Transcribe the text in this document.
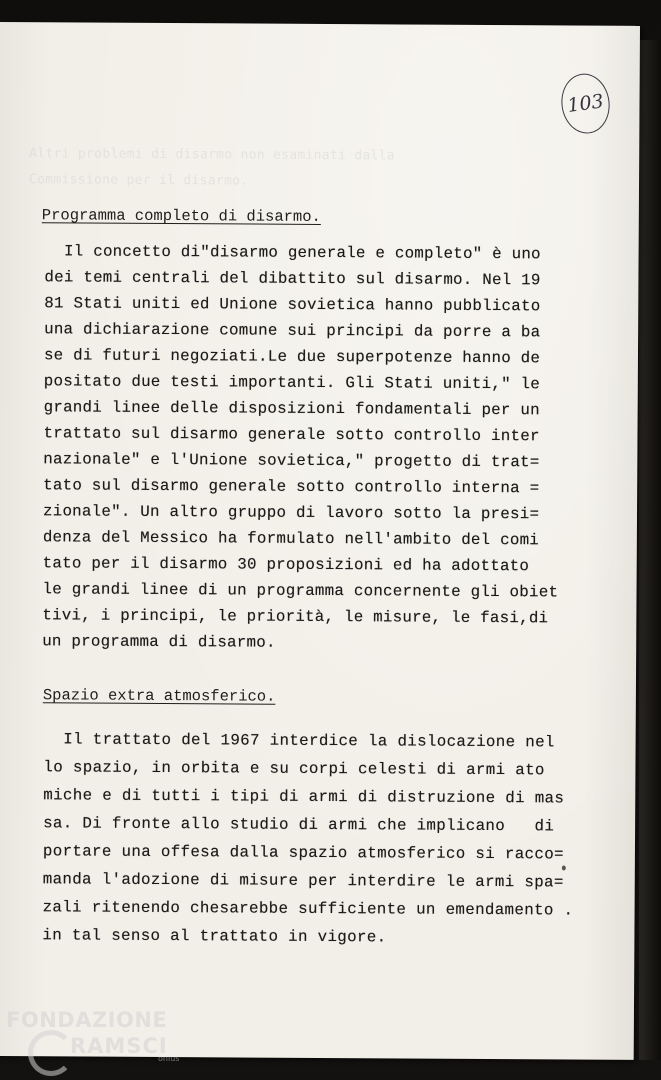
103
Altri problemi di disarmo non esaminati dalla
Commissione per il disarmo.
Programma completo di disarmo.
Il concetto di"disarmo generale e completo" è uno
dei temi centrali del dibattito sul disarmo. Nel 19
81 Stati uniti ed Unione sovietica hanno pubblicato
una dichiarazione comune sui principi da porre a ba
se di futuri negoziati.Le due superpotenze hanno de
positato due testi importanti. Gli Stati uniti," le
grandi linee delle disposizioni fondamentali per un
trattato sul disarmo generale sotto controllo inter
nazionale" e l'Unione sovietica," progetto di trat=
tato sul disarmo generale sotto controllo interna =
zionale". Un altro gruppo di lavoro sotto la presi=
denza del Messico ha formulato nell'ambito del comi
tato per il disarmo 30 proposizioni ed ha adottato
le grandi linee di un programma concernente gli obiet
tivi, i principi, le priorità, le misure, le fasi,di
un programma di disarmo.
Spazio extra atmosferico.
Il trattato del 1967 interdice la dislocazione nel
lo spazio, in orbita e su corpi celesti di armi ato
miche e di tutti i tipi di armi di distruzione di mas
sa. Di fronte allo studio di armi che implicano   di
portare una offesa dalla spazio atmosferico si racco=
manda l'adozione di misure per interdire le armi spa=
zali ritenendo chesarebbe sufficiente un emendamento .
in tal senso al trattato in vigore.
FONDAZIONE
RAMSCI
onlus
